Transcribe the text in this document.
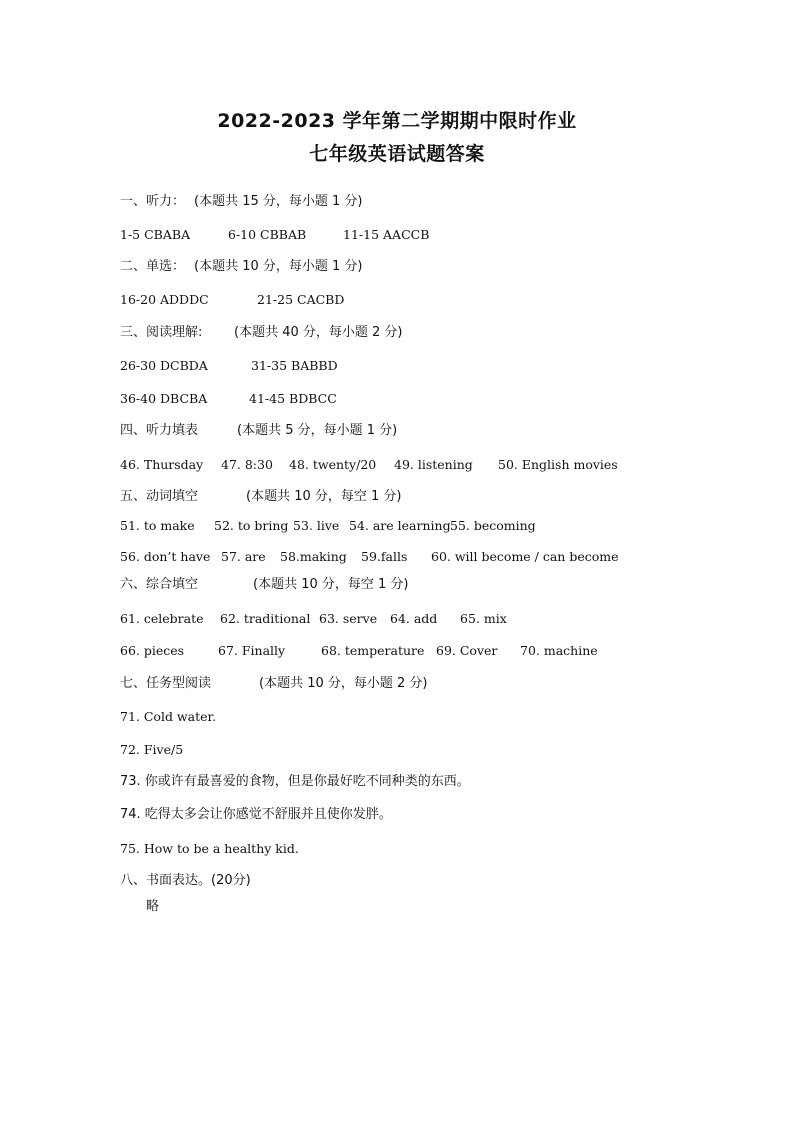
2022-2023 学年第二学期期中限时作业
七年级英语试题答案
一、听力： (本题共 15 分，每小题 1 分)
1-5 CBABA	6-10 CBBAB	11-15 AACCB
二、单选： (本题共 10 分，每小题 1 分)
16-20 ADDDC	21-25 CACBD
三、阅读理解: (本题共 40 分，每小题 2 分)
26-30 DCBDA	31-35 BABBD
36-40 DBCBA	41-45 BDBCC
四、听力填表	(本题共 5 分，每小题 1 分)
46. Thursday 47. 8:30 48. twenty/20 49. listening 50. English movies
五、动词填空	(本题共 10 分，每空 1 分)
51. to make 52. to bring 53. live 54. are learning 55. becoming
56. don’t have 57. are 58.making 59.falls 60. will become / can become
六、综合填空	(本题共 10 分，每空 1 分)
61. celebrate 62. traditional 63. serve 64. add 65. mix
66. pieces	67. Finally	68. temperature 69. Cover 70. machine
七、任务型阅读	(本题共 10 分，每小题 2 分)
71. Cold water.
72. Five/5
73. 你或许有最喜爱的食物，但是你最好吃不同种类的东西。
74. 吃得太多会让你感觉不舒服并且使你发胖。
75. How to be a healthy kid.
八、书面表达。(20分)
略
